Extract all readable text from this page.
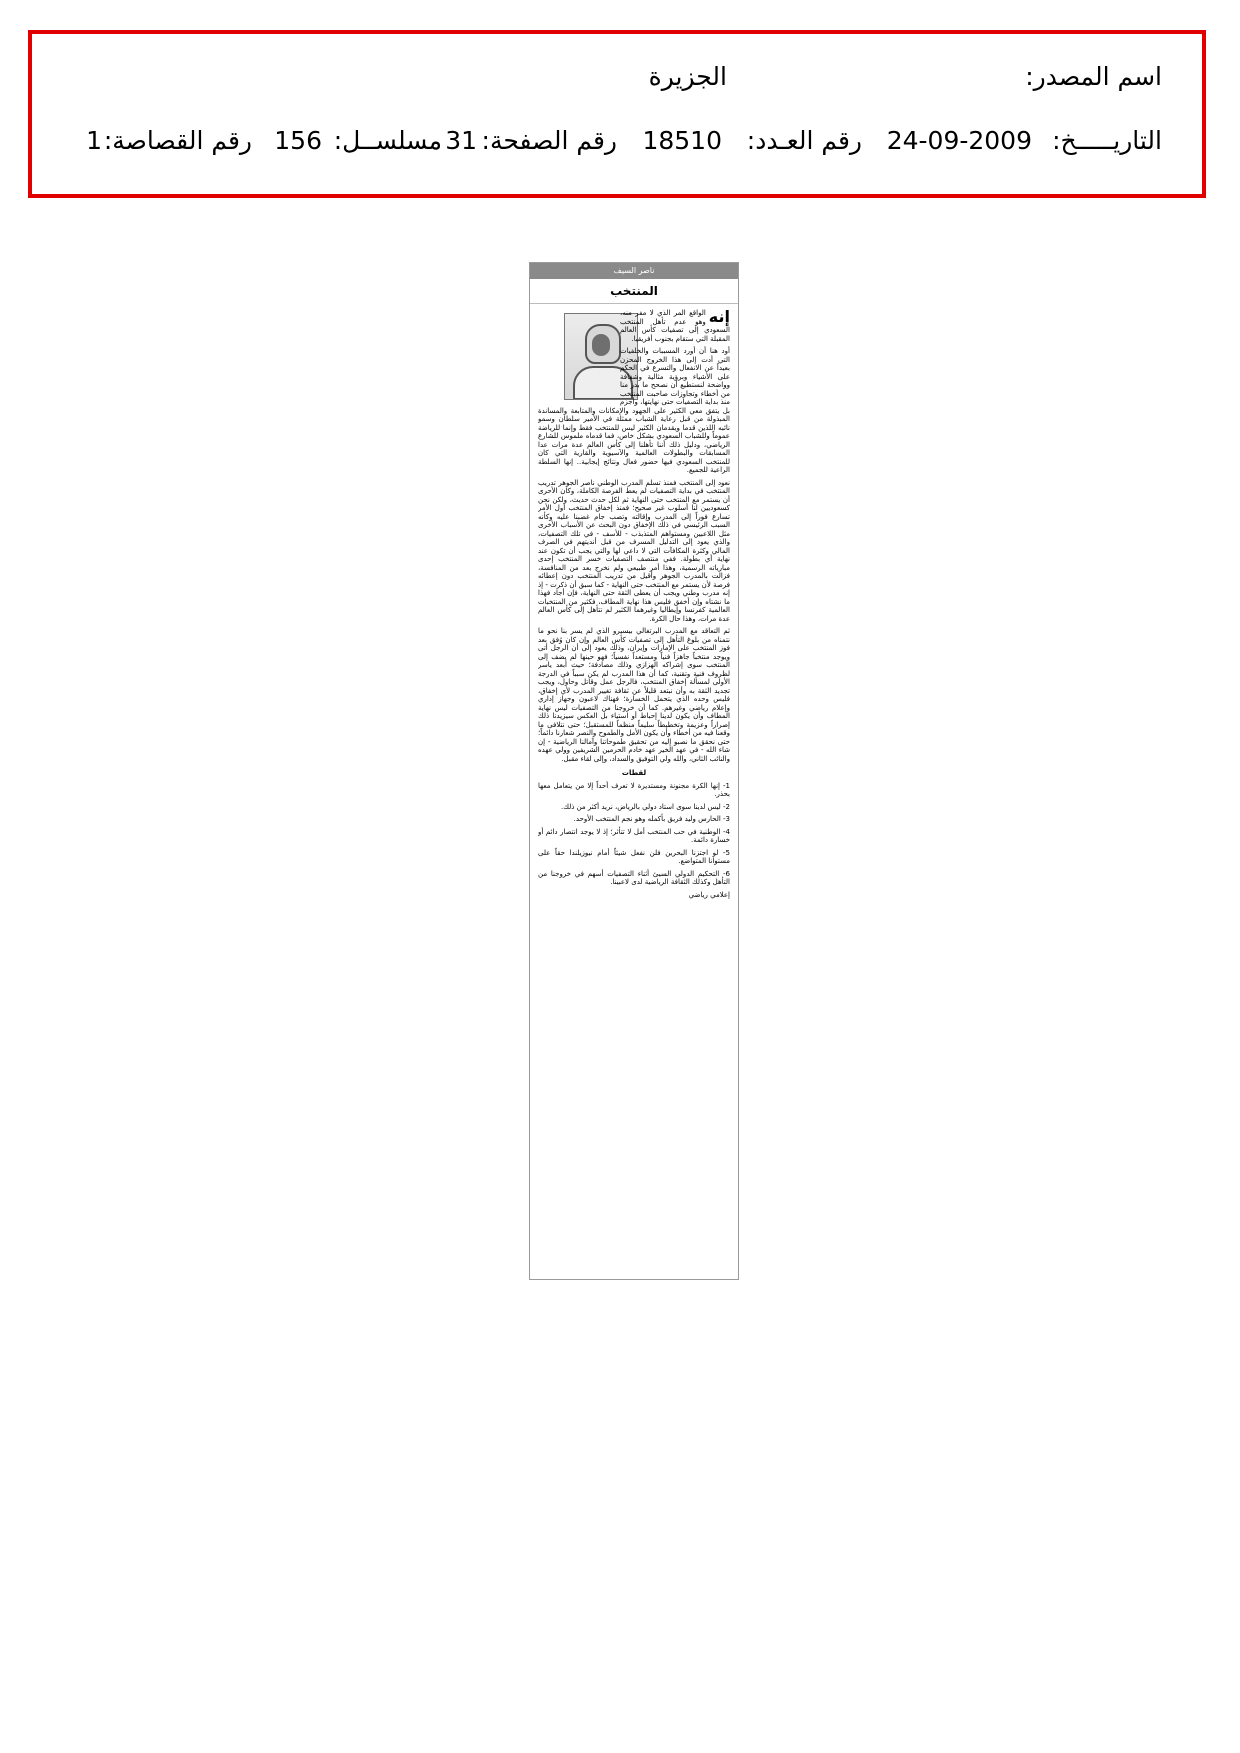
اسم المصدر:
الجزيرة
التاريـــــخ:
24-09-2009
رقم العـدد:
18510
رقم الصفحة:
31
مسلســل:
156
رقم القصاصة:
1
ناصر السيف
المنتخب

إنه
الواقع المر الذي لا مفر منه، وهو عدم تأهل المنتخب السعودي إلى تصفيات كأس العالم المقبلة التي ستقام بجنوب أفريقيا.

أود هنا أن أورد المسببات والخلفيات التي أدت إلى هذا الخروج المحزن بعيداً عن الانفعال والتسرع في الحكم على الأشياء وبرؤية مثالية وشفافة وواضحة لنستطيع أن نصحح ما بدر منا من أخطاء وتجاوزات صاحبت المنتخب منذ بداية التصفيات حتى نهايتها، وأجزم بل يتفق معي الكثير على الجهود والإمكانات والمتابعة والمساندة المبذولة من قبل رعاية الشباب ممثلة في الأمير سلطان وسمو نائبه اللذين قدما ويقدمان الكثير ليس للمنتخب فقط وإنما للرياضة عموماً وللشباب السعودي بشكل خاص، فما قدماه ملموس للشارع الرياضي، ودليل ذلك أننا تأهلنا إلى كأس العالم عدة مرات عدا المسابقات والبطولات العالمية والآسيوية والقارية التي كان للمنتخب السعودي فيها حضور فعال ونتائج إيجابية.. إنها السلطة الراعية للجميع.

نعود إلى المنتخب فمنذ تسلم المدرب الوطني ناصر الجوهر تدريب المنتخب في بداية التصفيات لم يعط الفرصة الكاملة، وكان الأحرى أن يستمر مع المنتخب حتى النهاية ثم لكل حدث حديث، ولكن نحن كسعوديين لنا أسلوب غير صحيح؛ فمنذ إخفاق المنتخب أول الأمر تسارع فوراً إلى المدرب وإقالته وتصب جام غضبنا عليه وكأنه السبب الرئيسي في ذلك الإخفاق دون البحث عن الأسباب الأخرى مثل اللاعبين ومستواهم المتذبذب - للأسف - في تلك التصفيات، والذي يعود إلى التدليل المسرف من قبل أنديتهم في الصرف المالي وكثرة المكافآت التي لا داعي لها والتي يجب أن تكون عند نهاية أي بطولة. ففي منتصف التصفيات خسر المنتخب إحدى مبارياته الرسمية، وهذا أمر طبيعي ولم نخرج بعد من المنافسة، فزالت بالمدرب الجوهر وأقيل من تدريب المنتخب دون إعطائه فرصة لأن يستمر مع المنتخب حتى النهاية - كما سبق أن ذكرت - إذ إنه مدرب وطني ويجب أن يعطى الثقة حتى النهاية، فإن أجاد فهذا ما نشتاه وإن أخفق فليس هذا نهاية المطاف، فكثير من المنتخبات العالمية كفرنسا وإيطاليا وغيرهما الكثير لم تتأهل إلى كأس العالم عدة مرات، وهذا حال الكرة.

ثم التعاقد مع المدرب البرتغالي بيسيرو الذي لم يسر بنا نحو ما نتمناه من بلوغ التأهل إلى تصفيات كأس العالم وإن كان وُفق بعد فوز المنتخب على الإمارات وإيران، وذلك يعود إلى أن الرجل أتى ويوجد منتخباً جاهزاً فنياً ومستعداً نفسياً؛ فهو حينها لم يضف إلى المنتخب سوى إشراكه الهزازي وذلك مصادفة؛ حيث أبعد ياسر لظروف فنية وتقنية، كما أن هذا المدرب لم يكن سبباً في الدرجة الأولى لمسألة إخفاق المنتخب، فالرجل عمل وقاتل وحاول، ويجب تجديد الثقة به وأن نبتعد قليلاً عن ثقافة تغيير المدرب لأي إخفاق، فليس وحده الذي يتحمل الخسارة؛ فهناك لاعبون وجهاز إداري وإعلام رياضي وغيرهم. كما أن خروجنا من التصفيات ليس نهاية المطاف وأن يكون لدينا إحباط أو استياء بل العكس سيزيدنا ذلك إصراراً وعزيمة وتخطيطاً سليماً منظماً للمستقبل؛ حتى نتلافى ما وقعنا فيه من أخطاء وأن يكون الأمل والطموح والنصر شعارنا دائماً؛ حتى نحقق ما نصبو إليه من تحقيق طموحاتنا وآمالنا الرياضية - إن شاء الله - في عهد الخير عهد خادم الحرمين الشريفين وولي عهده والنائب الثاني، والله ولي التوفيق والسداد، وإلى لقاء مقبل.

لقطات

1- إنها الكرة مجنونة ومستديرة لا تعرف أحداً إلا من يتعامل معها بحذر.

2- ليس لدينا سوى استاد دولي بالرياض، نريد أكثر من ذلك.

3- الحارس وليد فريق بأكمله وهو نجم المنتخب الأوحد.

4- الوطنية في حب المنتخب أمل لا تتأثر؛ إذ لا يوجد انتصار دائم أو خسارة دائمة.

5- لو اجتزنا البحرين فلن نفعل شيئاً أمام نيوزيلندا حقاً على مستوانا المتواضع.

6- التحكيم الدولي السيئ أثناء التصفيات أسهم في خروجنا من التأهل وكذلك الثقافة الرياضية لدى لاعبينا.

إعلامي رياضي
